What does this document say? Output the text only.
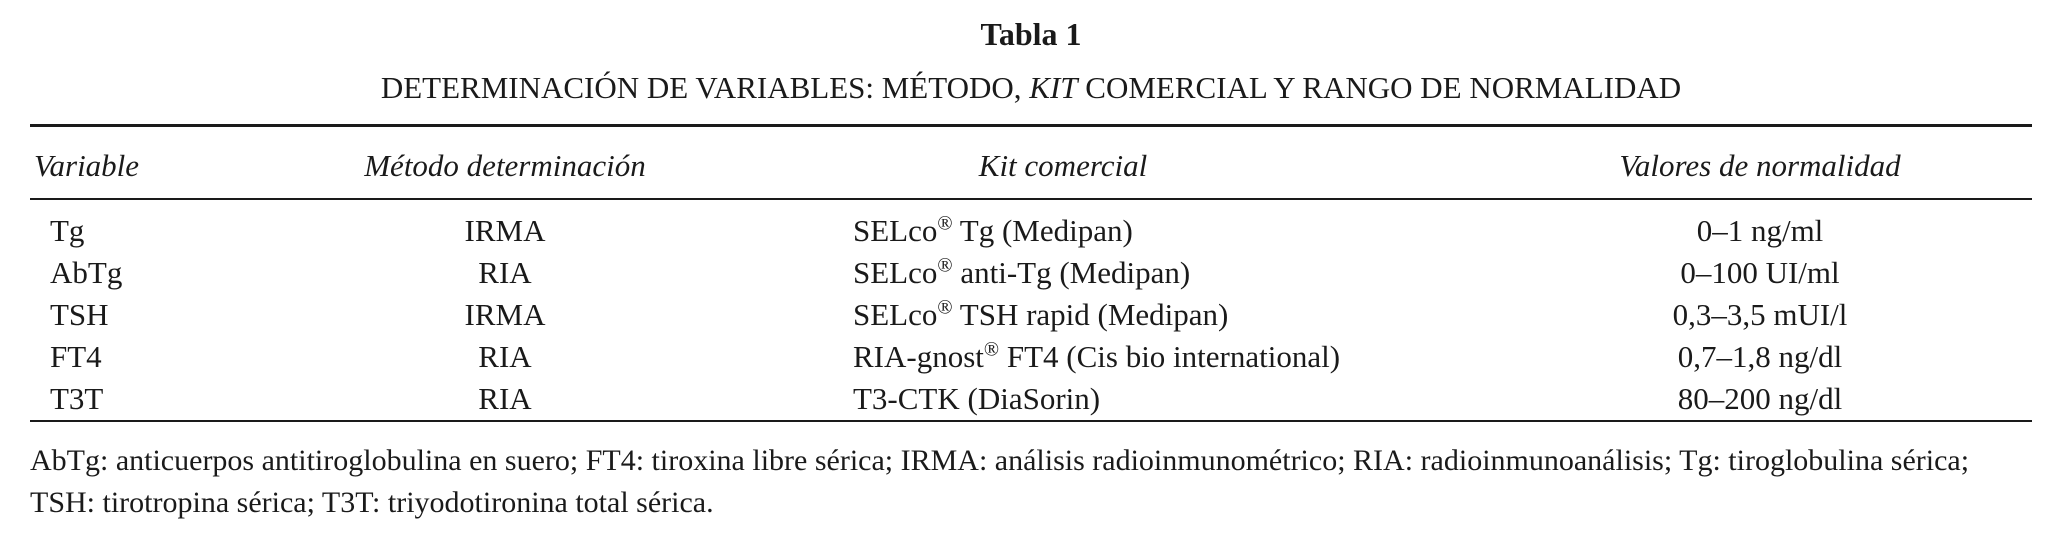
Tabla 1
DETERMINACIÓN DE VARIABLES: MÉTODO, KIT COMERCIAL Y RANGO DE NORMALIDAD
Variable	Método determinación	Kit comercial	Valores de normalidad
Tg	IRMA	SELco® Tg (Medipan)	0–1 ng/ml
AbTg	RIA	SELco® anti-Tg (Medipan)	0–100 UI/ml
TSH	IRMA	SELco® TSH rapid (Medipan)	0,3–3,5 mUI/l
FT4	RIA	RIA-gnost® FT4 (Cis bio international)	0,7–1,8 ng/dl
T3T	RIA	T3-CTK (DiaSorin)	80–200 ng/dl
AbTg: anticuerpos antitiroglobulina en suero; FT4: tiroxina libre sérica; IRMA: análisis radioinmunométrico; RIA: radioinmunoanálisis; Tg: tiroglobulina sérica; TSH: tirotropina sérica; T3T: triyodotironina total sérica.
